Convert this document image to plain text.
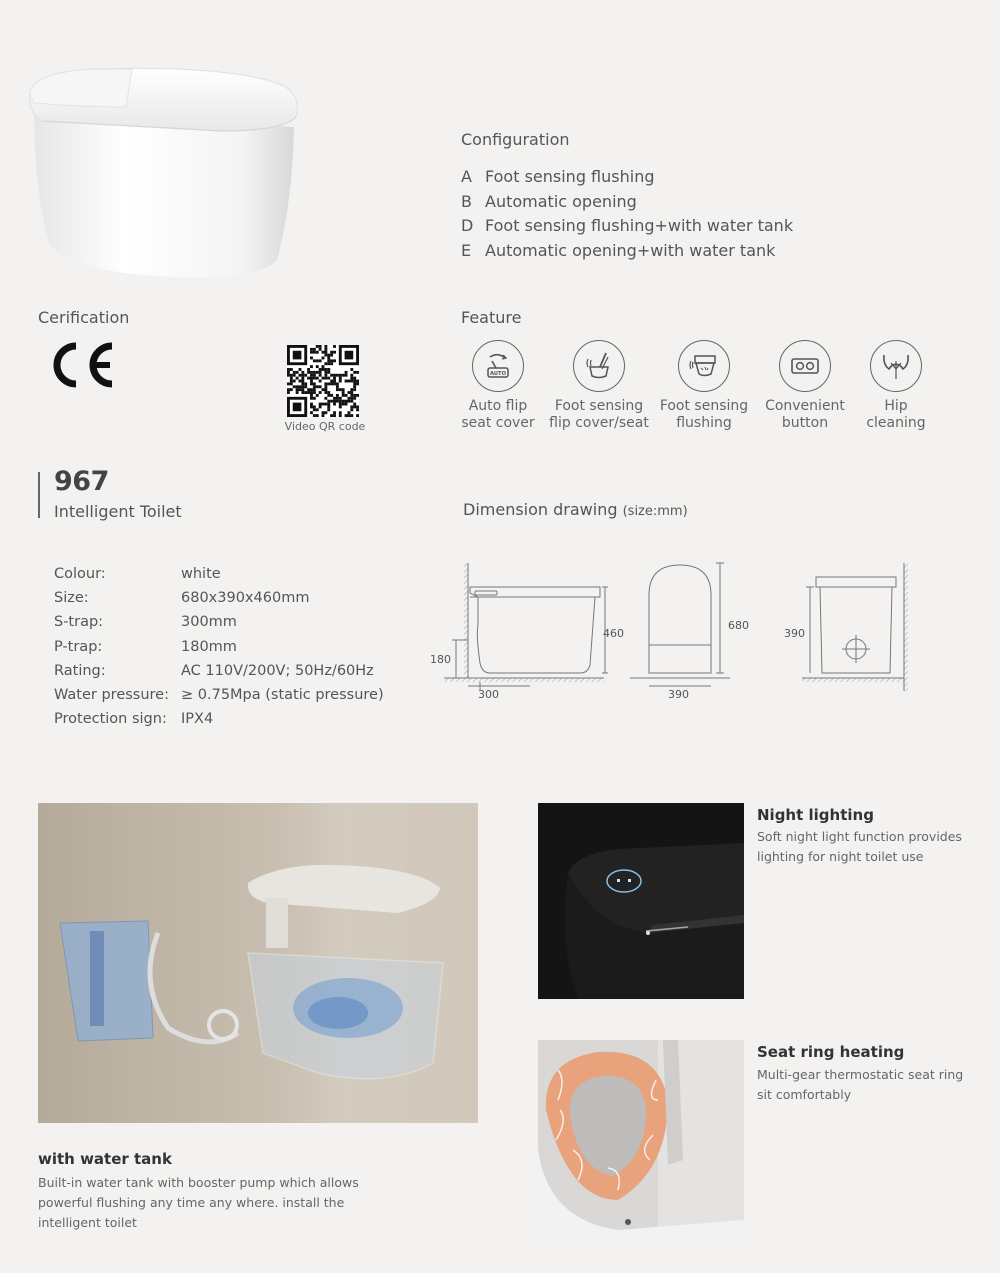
Configuration
A Foot sensing flushing
B Automatic opening
D Foot sensing flushing+with water tank
E Automatic opening+with water tank
Cerification
Video QR code
Feature
AUTO
Auto flip
seat cover
Foot sensing
flip cover/seat
Foot sensing
flushing
Convenient
button
Hip
cleaning
967
Intelligent Toilet
Colour:	white
Size:	680x390x460mm
S-trap:	300mm
P-trap:	180mm
Rating:	AC 110V/200V; 50Hz/60Hz
Water pressure: ≥ 0.75Mpa (static pressure)
Protection sign: IPX4
Dimension drawing (size:mm)
460
180
300
680
390
390
with water tank
Built-in water tank with booster pump which allows powerful flushing any time any where. install the intelligent toilet
Night lighting
Soft night light function provides lighting for night toilet use
Seat ring heating
Multi-gear thermostatic seat ring sit comfortably
